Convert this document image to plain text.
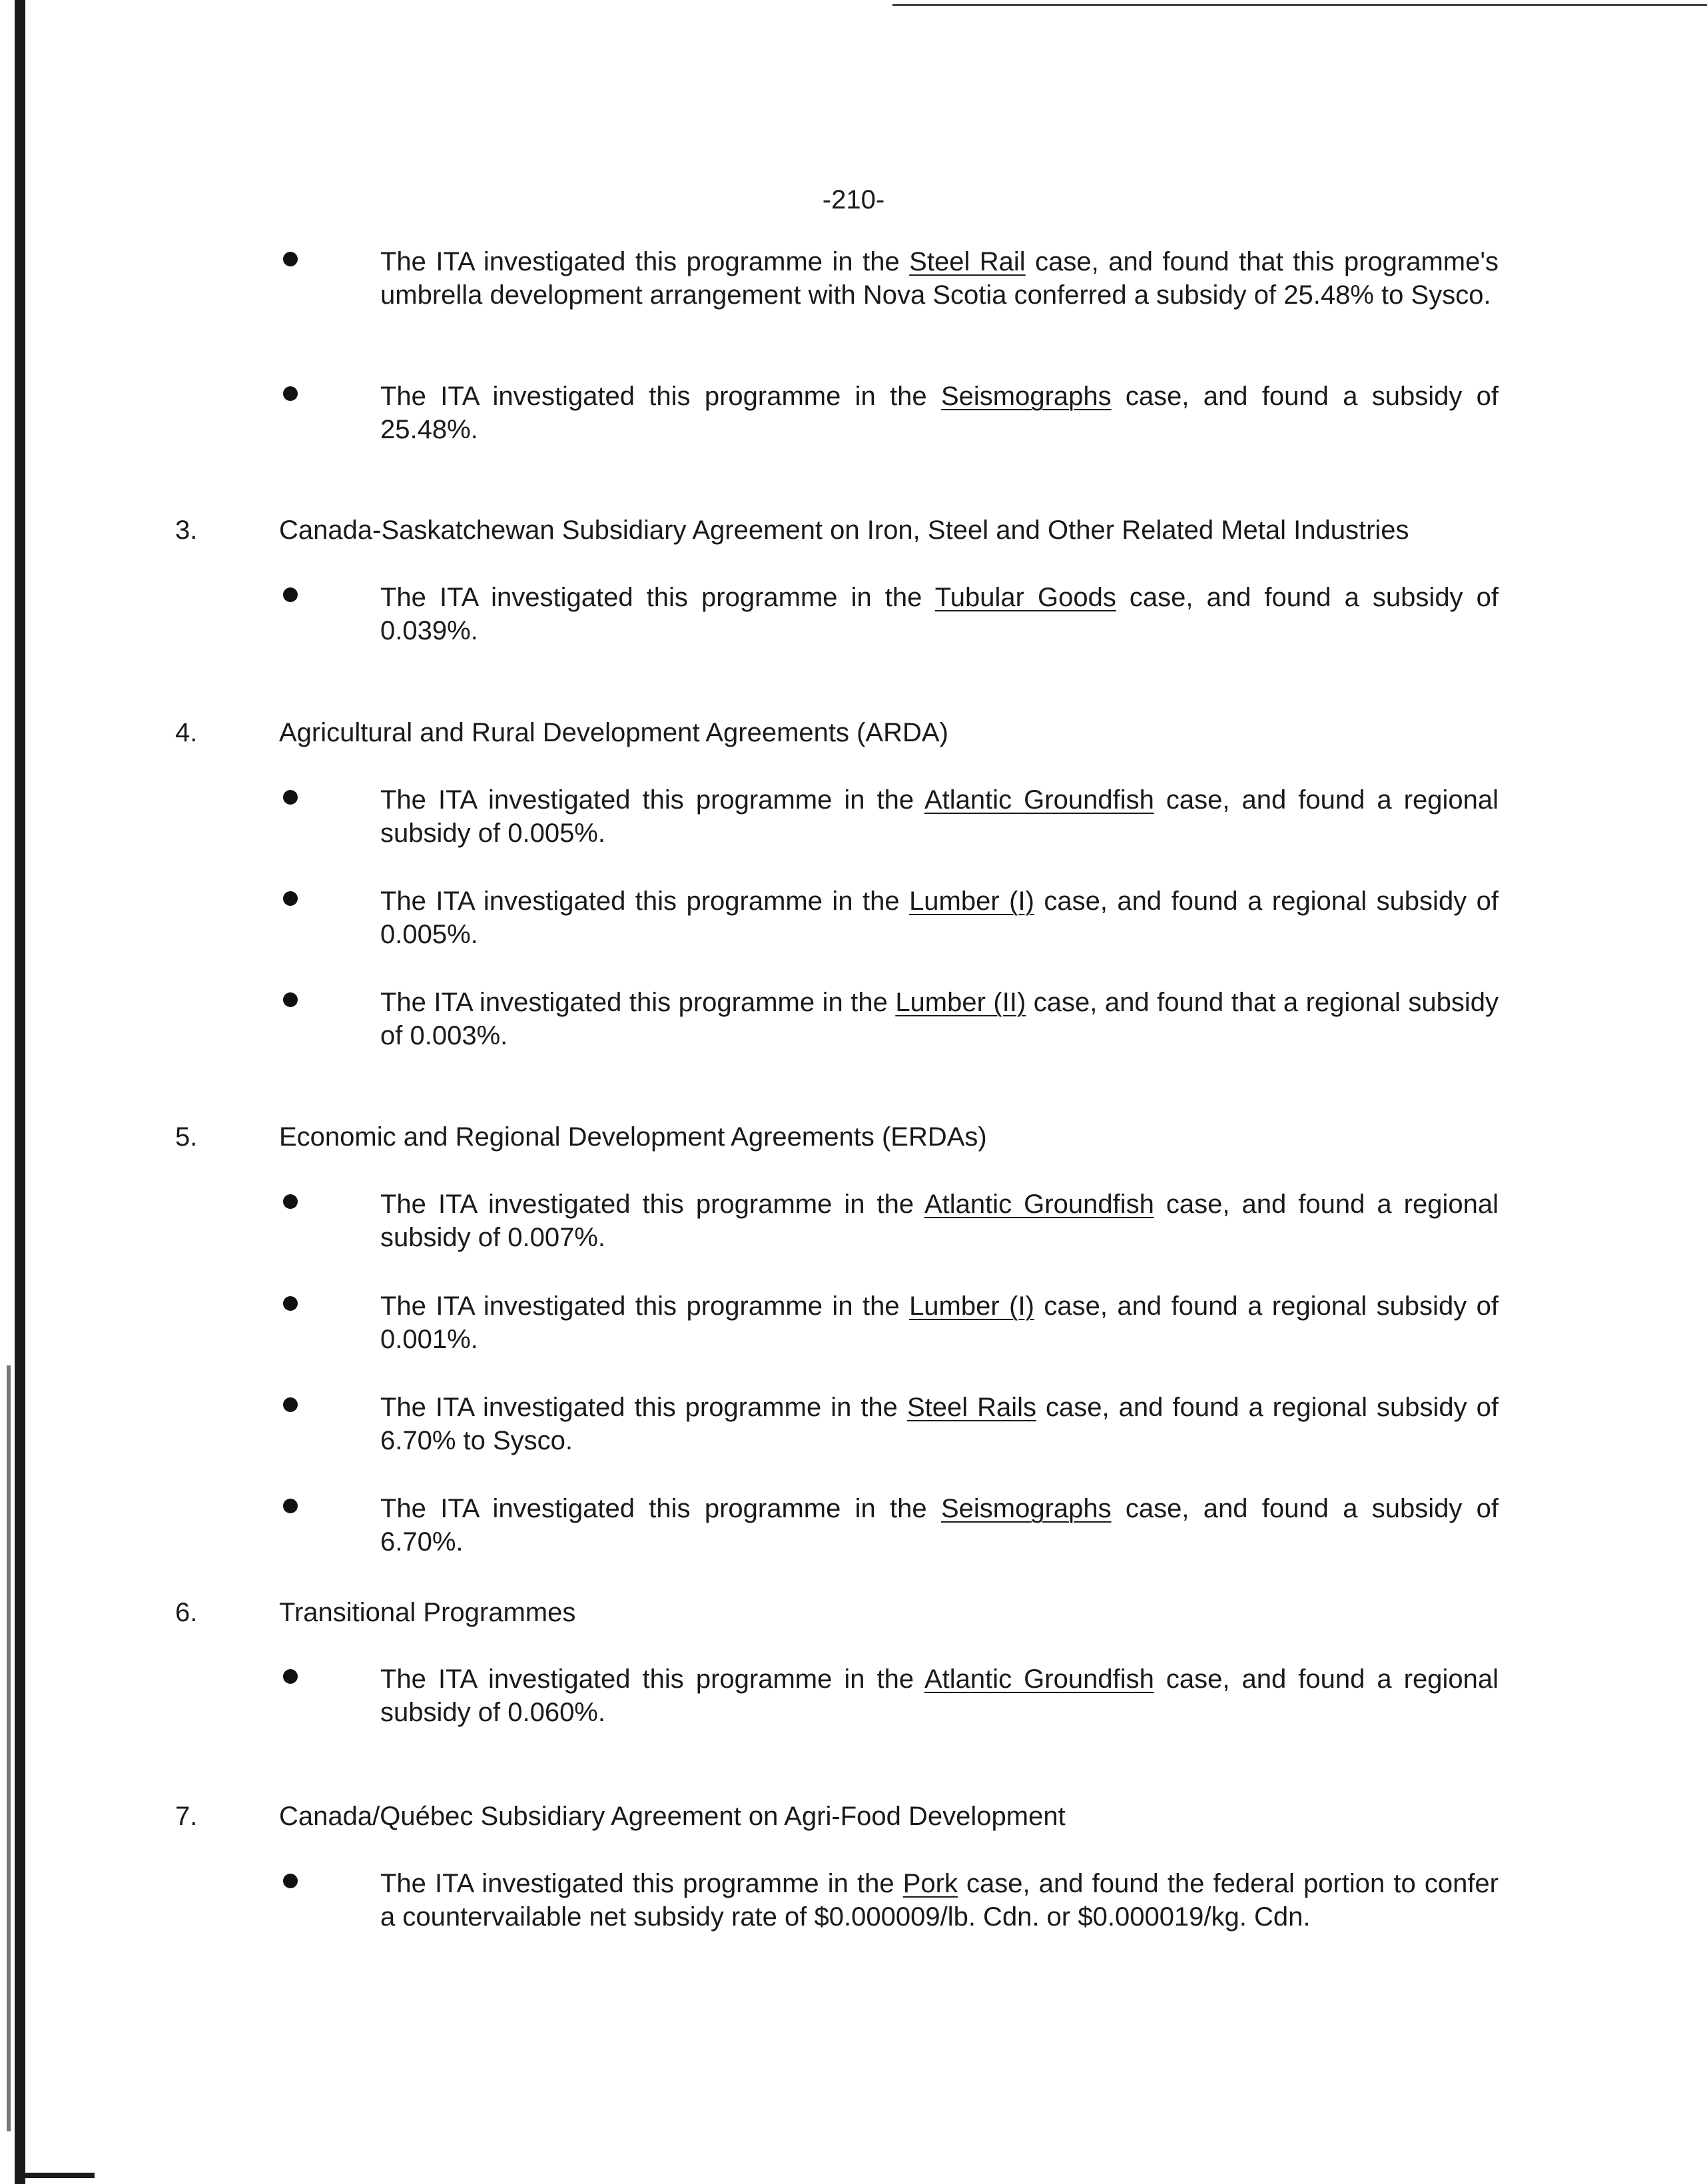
-210-
The ITA investigated this programme in the Steel Rail case, and found that this programme's umbrella development arrangement with Nova Scotia conferred a subsidy of 25.48% to Sysco.
The ITA investigated this programme in the Seismographs case, and found a subsidy of 25.48%.
3.	Canada-Saskatchewan Subsidiary Agreement on Iron, Steel and Other Related Metal Industries
The ITA investigated this programme in the Tubular Goods case, and found a subsidy of 0.039%.
4.	Agricultural and Rural Development Agreements (ARDA)
The ITA investigated this programme in the Atlantic Groundfish case, and found a regional subsidy of 0.005%.
The ITA investigated this programme in the Lumber (I) case, and found a regional subsidy of 0.005%.
The ITA investigated this programme in the Lumber (II) case, and found that a regional subsidy of 0.003%.
5.	Economic and Regional Development Agreements (ERDAs)
The ITA investigated this programme in the Atlantic Groundfish case, and found a regional subsidy of 0.007%.
The ITA investigated this programme in the Lumber (I) case, and found a regional subsidy of 0.001%.
The ITA investigated this programme in the Steel Rails case, and found a regional subsidy of 6.70% to Sysco.
The ITA investigated this programme in the Seismographs case, and found a subsidy of 6.70%.
6.	Transitional Programmes
The ITA investigated this programme in the Atlantic Groundfish case, and found a regional subsidy of 0.060%.
7.	Canada/Québec Subsidiary Agreement on Agri-Food Development
The ITA investigated this programme in the Pork case, and found the federal portion to confer a countervailable net subsidy rate of $0.000009/lb. Cdn. or $0.000019/kg. Cdn.
